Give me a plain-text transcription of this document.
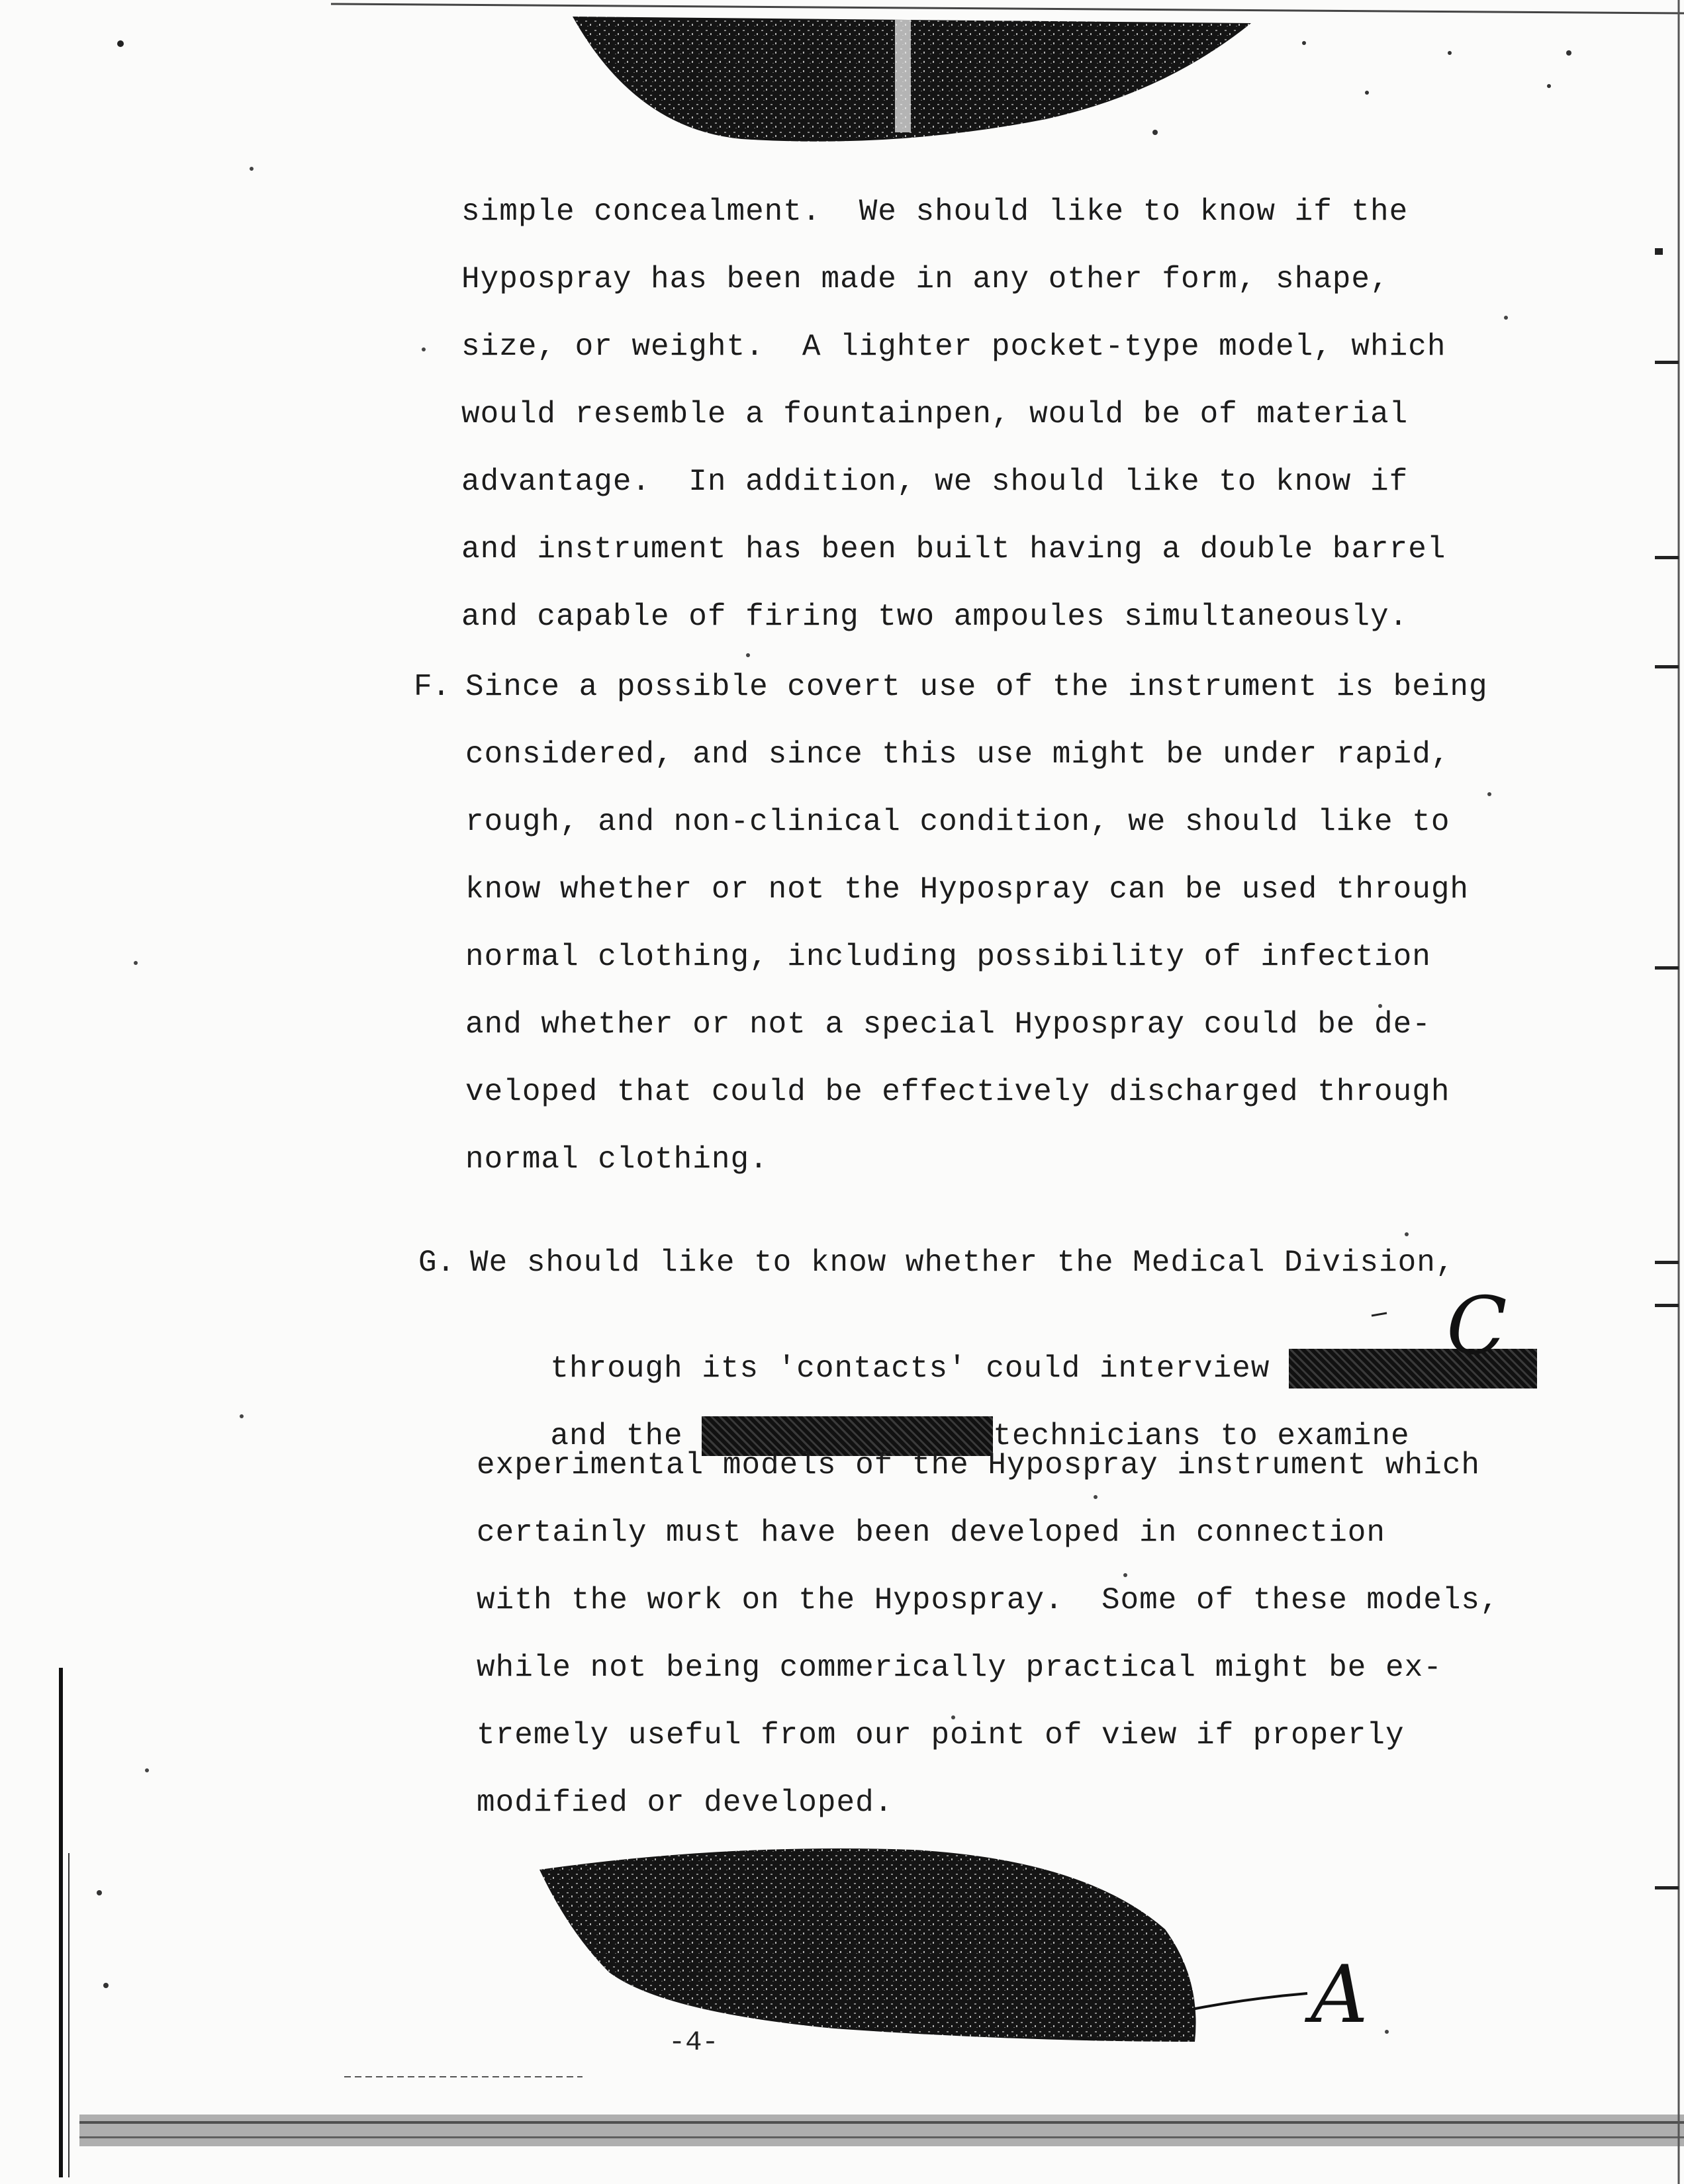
simple concealment.  We should like to know if the
Hypospray has been made in any other form, shape,
size, or weight.  A lighter pocket-type model, which
would resemble a fountainpen, would be of material
advantage.  In addition, we should like to know if
and instrument has been built having a double barrel
and capable of firing two ampoules simultaneously.
F. Since a possible covert use of the instrument is being
considered, and since this use might be under rapid,
rough, and non-clinical condition, we should like to
know whether or not the Hypospray can be used through
normal clothing, including possibility of infection
and whether or not a special Hypospray could be de-
veloped that could be effectively discharged through
normal clothing.
G. We should like to know whether the Medical Division,

through its 'contacts' could interview

and the	technicians to examine

experimental models of the Hypospray instrument which
certainly must have been developed in connection
with the work on the Hypospray.  Some of these models,
while not being commerically practical might be ex-
tremely useful from our point of view if properly
modified or developed.
C
A
-4-
